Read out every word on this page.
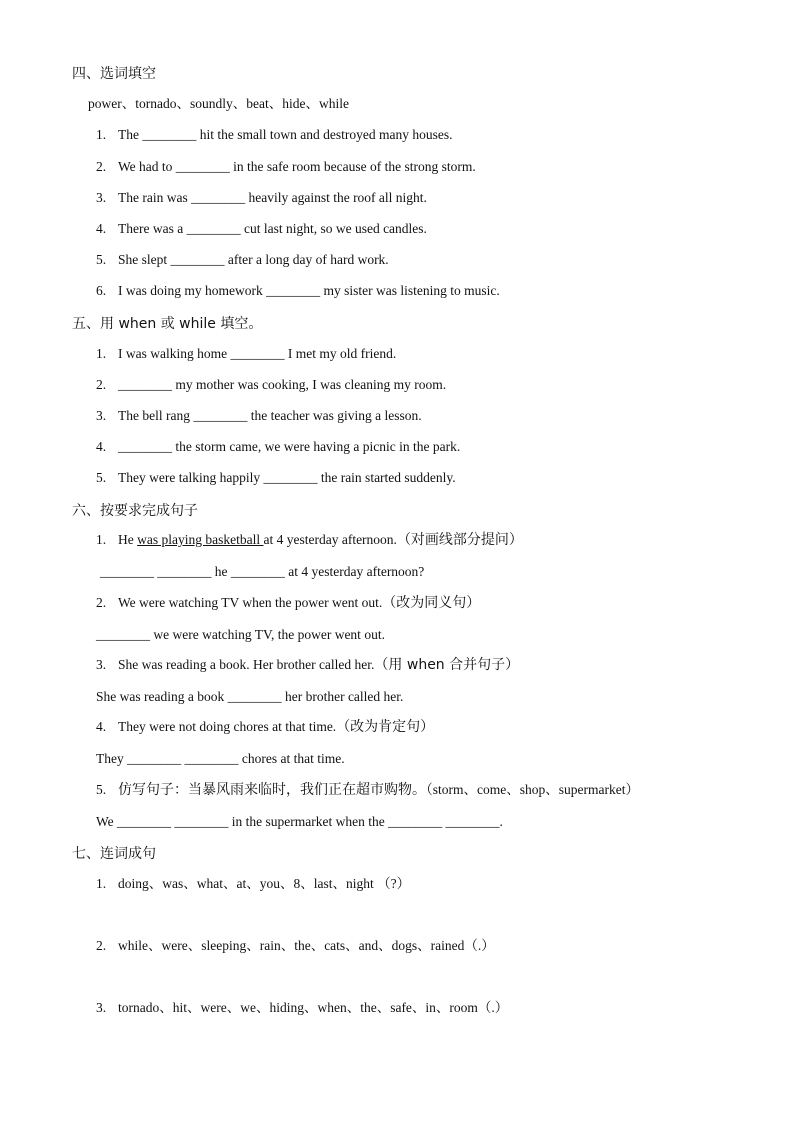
四、选词填空
power、tornado、soundly、beat、hide、while
1. The ________ hit the small town and destroyed many houses.
2. We had to ________ in the safe room because of the strong storm.
3. The rain was ________ heavily against the roof all night.
4. There was a ________ cut last night, so we used candles.
5. She slept ________ after a long day of hard work.
6. I was doing my homework ________ my sister was listening to music.
五、用 when 或 while 填空。
1. I was walking home ________ I met my old friend.
2. ________ my mother was cooking, I was cleaning my room.
3. The bell rang ________ the teacher was giving a lesson.
4. ________ the storm came, we were having a picnic in the park.
5. They were talking happily ________ the rain started suddenly.
六、按要求完成句子
1. He was playing basketball at 4 yesterday afternoon.（对画线部分提问）
________ ________ he ________ at 4 yesterday afternoon?
2. We were watching TV when the power went out.（改为同义句）
________ we were watching TV, the power went out.
3. She was reading a book. Her brother called her.（用 when 合并句子）
She was reading a book ________ her brother called her.
4. They were not doing chores at that time.（改为肯定句）
They ________ ________ chores at that time.
5. 仿写句子：当暴风雨来临时，我们正在超市购物。（storm、come、shop、supermarket）
We ________ ________ in the supermarket when the ________ ________.
七、连词成句
1. doing、was、what、at、you、8、last、night （?）
2. while、were、sleeping、rain、the、cats、and、dogs、rained（.）
3. tornado、hit、were、we、hiding、when、the、safe、in、room（.）
